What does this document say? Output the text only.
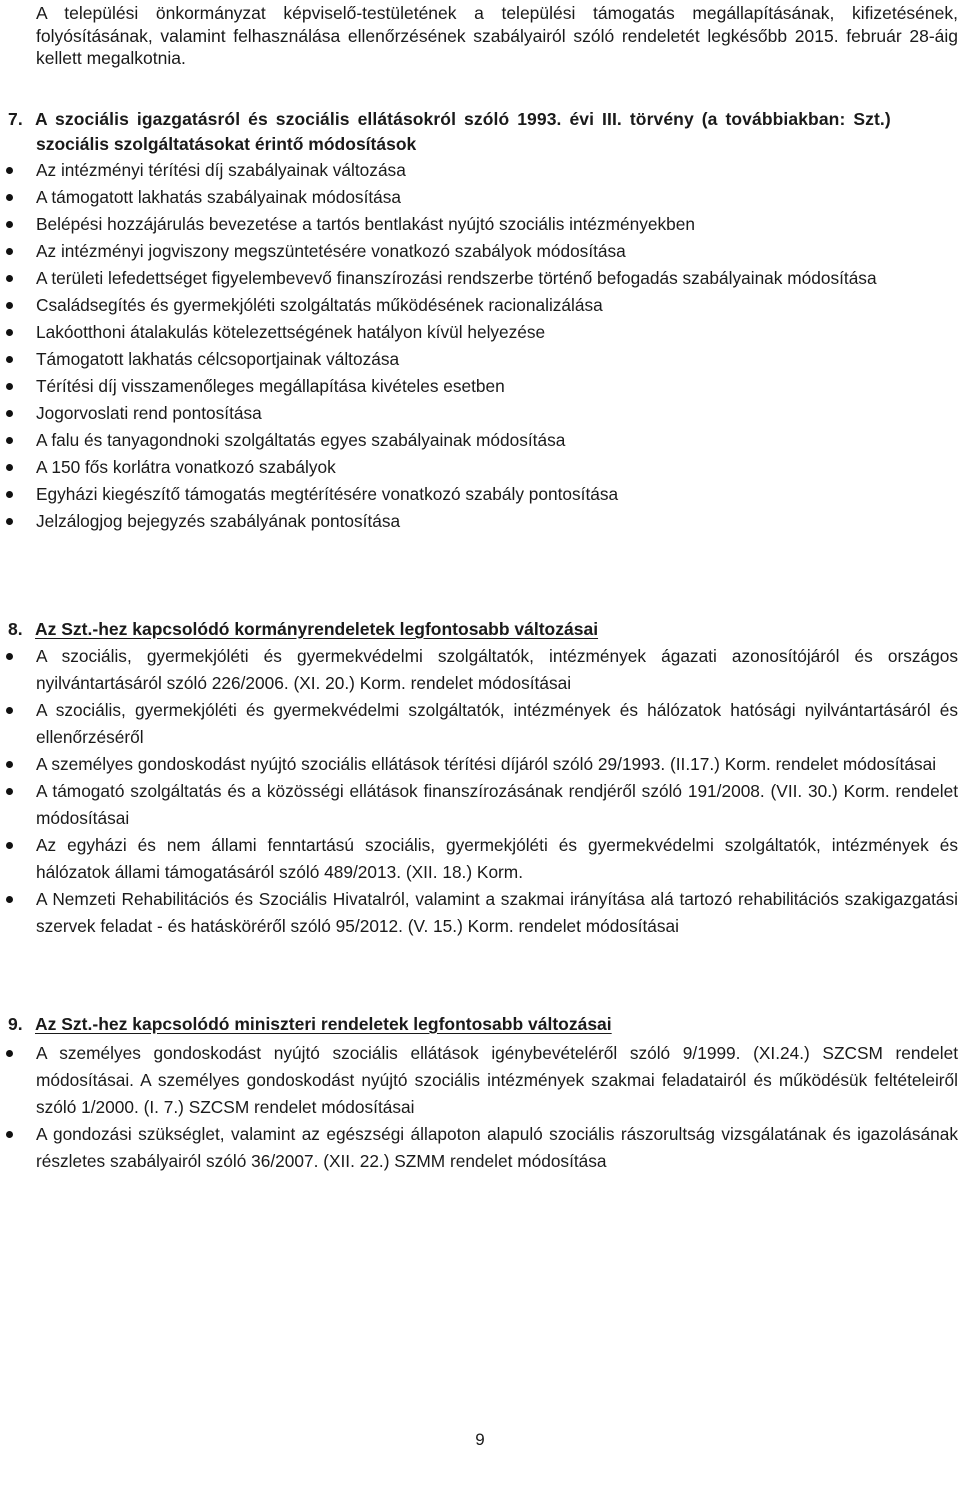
A települési önkormányzat képviselő-testületének a települési támogatás megállapításának, kifizetésének, folyósításának, valamint felhasználása ellenőrzésének szabályairól szóló rendeletét legkésőbb 2015. február 28-áig kellett megalkotnia.
7. A szociális igazgatásról és szociális ellátásokról szóló 1993. évi III. törvény (a továbbiakban: Szt.)
szociális szolgáltatásokat érintő módosítások
Az intézményi térítési díj szabályainak változása
A támogatott lakhatás szabályainak módosítása
Belépési hozzájárulás bevezetése a tartós bentlakást nyújtó szociális intézményekben
Az intézményi jogviszony megszüntetésére vonatkozó szabályok módosítása
A területi lefedettséget figyelembevevő finanszírozási rendszerbe történő befogadás szabályainak módosítása
Családsegítés és gyermekjóléti szolgáltatás működésének racionalizálása
Lakóotthoni átalakulás kötelezettségének hatályon kívül helyezése
Támogatott lakhatás célcsoportjainak változása
Térítési díj visszamenőleges megállapítása kivételes esetben
Jogorvoslati rend pontosítása
A falu és tanyagondnoki szolgáltatás egyes szabályainak módosítása
A 150 fős korlátra vonatkozó szabályok
Egyházi kiegészítő támogatás megtérítésére vonatkozó szabály pontosítása
Jelzálogjog bejegyzés szabályának pontosítása
8. Az Szt.-hez kapcsolódó kormányrendeletek legfontosabb változásai
A szociális, gyermekjóléti és gyermekvédelmi szolgáltatók, intézmények ágazati azonosítójáról és országos nyilvántartásáról szóló 226/2006. (XI. 20.) Korm. rendelet módosításai
A szociális, gyermekjóléti és gyermekvédelmi szolgáltatók, intézmények és hálózatok hatósági nyilvántartásáról és ellenőrzéséről
A személyes gondoskodást nyújtó szociális ellátások térítési díjáról szóló 29/1993. (II.17.) Korm. rendelet módosításai
A támogató szolgáltatás és a közösségi ellátások finanszírozásának rendjéről szóló 191/2008. (VII. 30.) Korm. rendelet módosításai
Az egyházi és nem állami fenntartású szociális, gyermekjóléti és gyermekvédelmi szolgáltatók, intézmények és hálózatok állami támogatásáról szóló 489/2013. (XII. 18.) Korm.
A Nemzeti Rehabilitációs és Szociális Hivatalról, valamint a szakmai irányítása alá tartozó rehabilitációs szakigazgatási szervek feladat - és hatásköréről szóló 95/2012. (V. 15.) Korm. rendelet módosításai
9. Az Szt.-hez kapcsolódó miniszteri rendeletek legfontosabb változásai
A személyes gondoskodást nyújtó szociális ellátások igénybevételéről szóló 9/1999. (XI.24.) SZCSM rendelet módosításai. A személyes gondoskodást nyújtó szociális intézmények szakmai feladatairól és működésük feltételeiről szóló 1/2000. (I. 7.) SZCSM rendelet módosításai
A gondozási szükséglet, valamint az egészségi állapoton alapuló szociális rászorultság vizsgálatának és igazolásának részletes szabályairól szóló 36/2007. (XII. 22.) SZMM rendelet módosítása
9
